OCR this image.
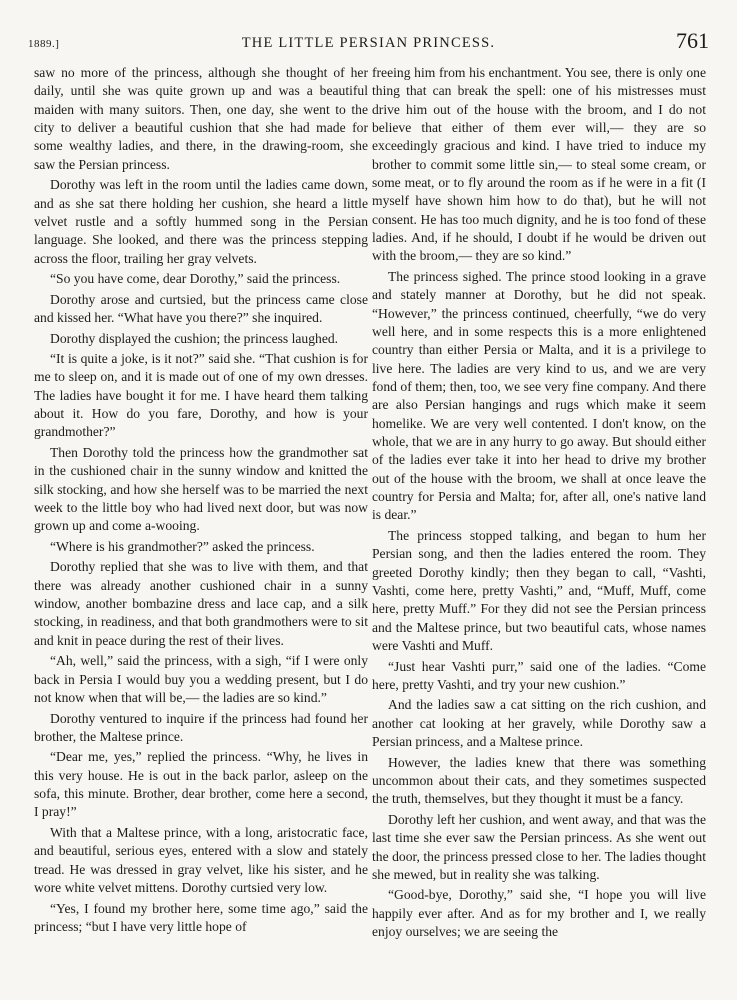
1889.]	THE LITTLE PERSIAN PRINCESS.	761

saw no more of the princess, although she thought of her daily, until she was quite grown up and was a beautiful maiden with many suitors. Then, one day, she went to the city to deliver a beautiful cushion that she had made for some wealthy ladies, and there, in the drawing-room, she saw the Persian princess.

Dorothy was left in the room until the ladies came down, and as she sat there holding her cushion, she heard a little velvet rustle and a softly hummed song in the Persian language. She looked, and there was the princess stepping across the floor, trailing her gray velvets.

“So you have come, dear Dorothy,” said the princess.

Dorothy arose and curtsied, but the princess came close and kissed her. “What have you there?” she inquired.

Dorothy displayed the cushion; the princess laughed.

“It is quite a joke, is it not?” said she. “That cushion is for me to sleep on, and it is made out of one of my own dresses. The ladies have bought it for me. I have heard them talking about it. How do you fare, Dorothy, and how is your grandmother?”

Then Dorothy told the princess how the grandmother sat in the cushioned chair in the sunny window and knitted the silk stocking, and how she herself was to be married the next week to the little boy who had lived next door, but was now grown up and come a-wooing.

“Where is his grandmother?” asked the princess.

Dorothy replied that she was to live with them, and that there was already another cushioned chair in a sunny window, another bombazine dress and lace cap, and a silk stocking, in readiness, and that both grandmothers were to sit and knit in peace during the rest of their lives.

“Ah, well,” said the princess, with a sigh, “if I were only back in Persia I would buy you a wedding present, but I do not know when that will be,— the ladies are so kind.”

Dorothy ventured to inquire if the princess had found her brother, the Maltese prince.

“Dear me, yes,” replied the princess. “Why, he lives in this very house. He is out in the back parlor, asleep on the sofa, this minute. Brother, dear brother, come here a second, I pray!”

With that a Maltese prince, with a long, aristocratic face, and beautiful, serious eyes, entered with a slow and stately tread. He was dressed in gray velvet, like his sister, and he wore white velvet mittens. Dorothy curtsied very low.

“Yes, I found my brother here, some time ago,” said the princess; “but I have very little hope of

freeing him from his enchantment. You see, there is only one thing that can break the spell: one of his mistresses must drive him out of the house with the broom, and I do not believe that either of them ever will,— they are so exceedingly gracious and kind. I have tried to induce my brother to commit some little sin,— to steal some cream, or some meat, or to fly around the room as if he were in a fit (I myself have shown him how to do that), but he will not consent. He has too much dignity, and he is too fond of these ladies. And, if he should, I doubt if he would be driven out with the broom,— they are so kind.”

The princess sighed. The prince stood looking in a grave and stately manner at Dorothy, but he did not speak. “However,” the princess continued, cheerfully, “we do very well here, and in some respects this is a more enlightened country than either Persia or Malta, and it is a privilege to live here. The ladies are very kind to us, and we are very fond of them; then, too, we see very fine company. And there are also Persian hangings and rugs which make it seem homelike. We are very well contented. I don't know, on the whole, that we are in any hurry to go away. But should either of the ladies ever take it into her head to drive my brother out of the house with the broom, we shall at once leave the country for Persia and Malta; for, after all, one's native land is dear.”

The princess stopped talking, and began to hum her Persian song, and then the ladies entered the room. They greeted Dorothy kindly; then they began to call, “Vashti, Vashti, come here, pretty Vashti,” and, “Muff, Muff, come here, pretty Muff.” For they did not see the Persian princess and the Maltese prince, but two beautiful cats, whose names were Vashti and Muff.

“Just hear Vashti purr,” said one of the ladies. “Come here, pretty Vashti, and try your new cushion.”

And the ladies saw a cat sitting on the rich cushion, and another cat looking at her gravely, while Dorothy saw a Persian princess, and a Maltese prince.

However, the ladies knew that there was something uncommon about their cats, and they sometimes suspected the truth, themselves, but they thought it must be a fancy.

Dorothy left her cushion, and went away, and that was the last time she ever saw the Persian princess. As she went out the door, the princess pressed close to her. The ladies thought she mewed, but in reality she was talking.

“Good-bye, Dorothy,” said she, “I hope you will live happily ever after. And as for my brother and I, we really enjoy ourselves; we are seeing the
